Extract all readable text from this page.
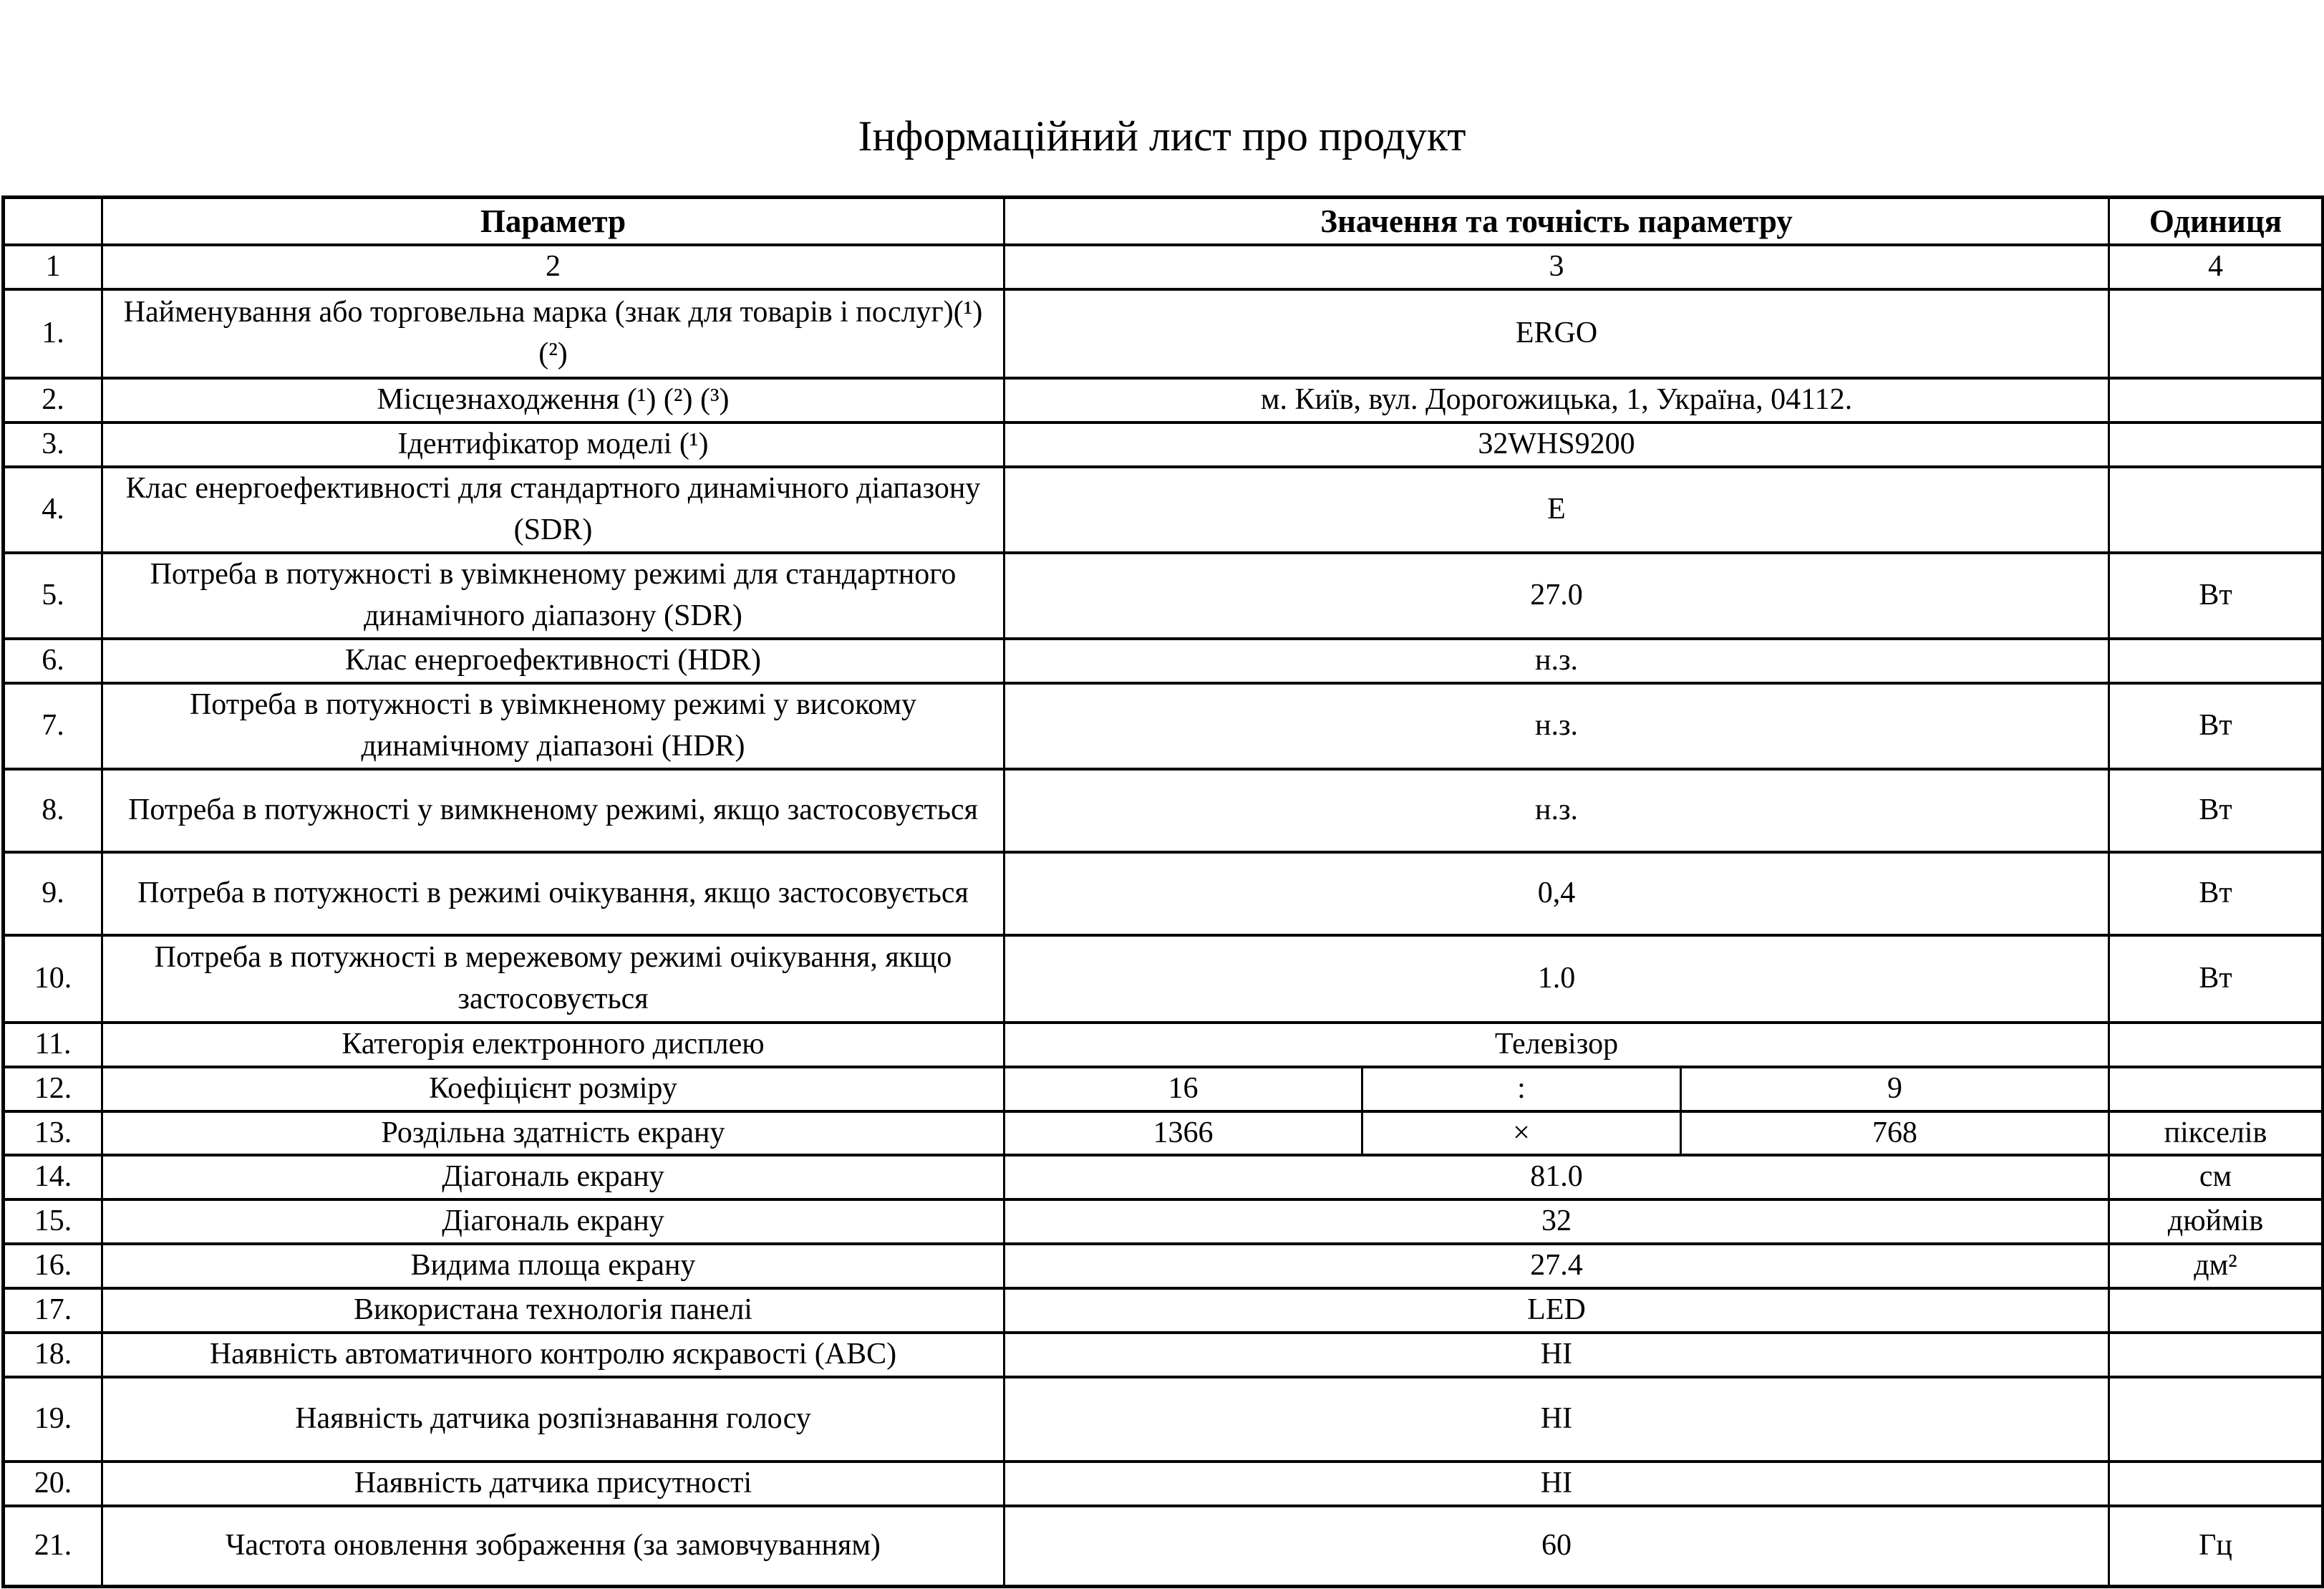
Інформаційний лист про продукт
	Параметр	Значення та точність параметру			Одиниця
1	2	3			4
1.	Найменування або торговельна марка (знак для товарів і послуг)(¹) (²)	ERGO			
2.	Місцезнаходження (¹) (²) (³)	м. Київ, вул. Дорогожицька, 1, Україна, 04112.			
3.	Ідентифікатор моделі (¹)	32WHS9200			
4.	Клас енергоефективності для стандартного динамічного діапазону (SDR)	E			
5.	Потреба в потужності в увімкненому режимі для стандартного динамічного діапазону (SDR)	27.0			Вт
6.	Клас енергоефективності (HDR)	н.з.			
7.	Потреба в потужності в увімкненому режимі у високому динамічному діапазоні (HDR)	н.з.			Вт
8.	Потреба в потужності у вимкненому режимі, якщо застосовується	н.з.			Вт
9.	Потреба в потужності в режимі очікування, якщо застосовується	0,4			Вт
10.	Потреба в потужності в мережевому режимі очікування, якщо застосовується	1.0			Вт
11.	Категорія електронного дисплею	Телевізор			
12.	Коефіцієнт розміру	16	:	9	
13.	Роздільна здатність екрану	1366	×	768	пікселів
14.	Діагональ екрану	81.0			см
15.	Діагональ екрану	32			дюймів
16.	Видима площа екрану	27.4			дм²
17.	Використана технологія панелі	LED			
18.	Наявність автоматичного контролю яскравості (ABC)	НІ			
19.	Наявність датчика розпізнавання голосу	НІ			
20.	Наявність датчика присутності	НІ			
21.	Частота оновлення зображення (за замовчуванням)	60			Гц
